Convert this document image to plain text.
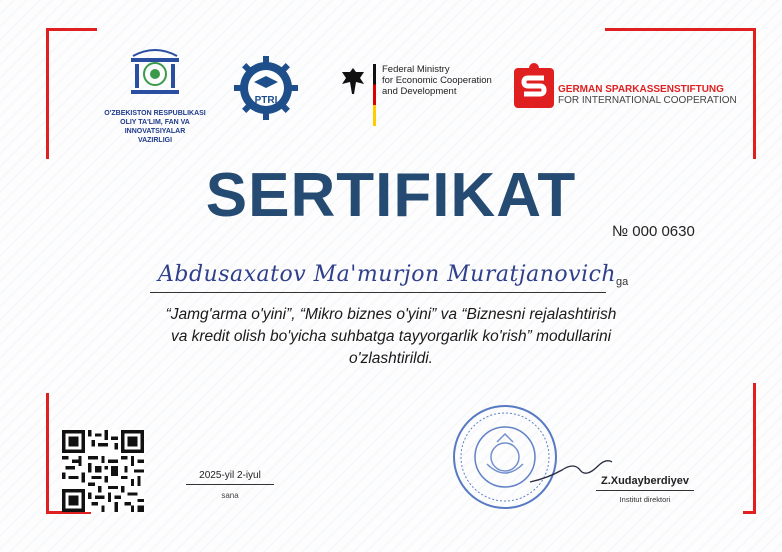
O'ZBEKISTON RESPUBLIKASI
OLIY TA'LIM, FAN VA INNOVATSIYALAR
VAZIRLIGI
PTRI
Federal Ministry
for Economic Cooperation
and Development	GERMAN SPARKASSENSTIFTUNG
FOR INTERNATIONAL COOPERATION
SERTIFIKAT
№ 000 0630
Abdusaxatov Ma'murjon Muratjanovich ga
“Jamg'arma o'yini”, “Mikro biznes o'yini” va “Biznesni rejalashtirish
va kredit olish bo'yicha suhbatga tayyorgarlik ko'rish” modullarini
o'zlashtirildi.
2025-yil 2-iyul
sana
Z.Xudayberdiyev
Institut direktori
